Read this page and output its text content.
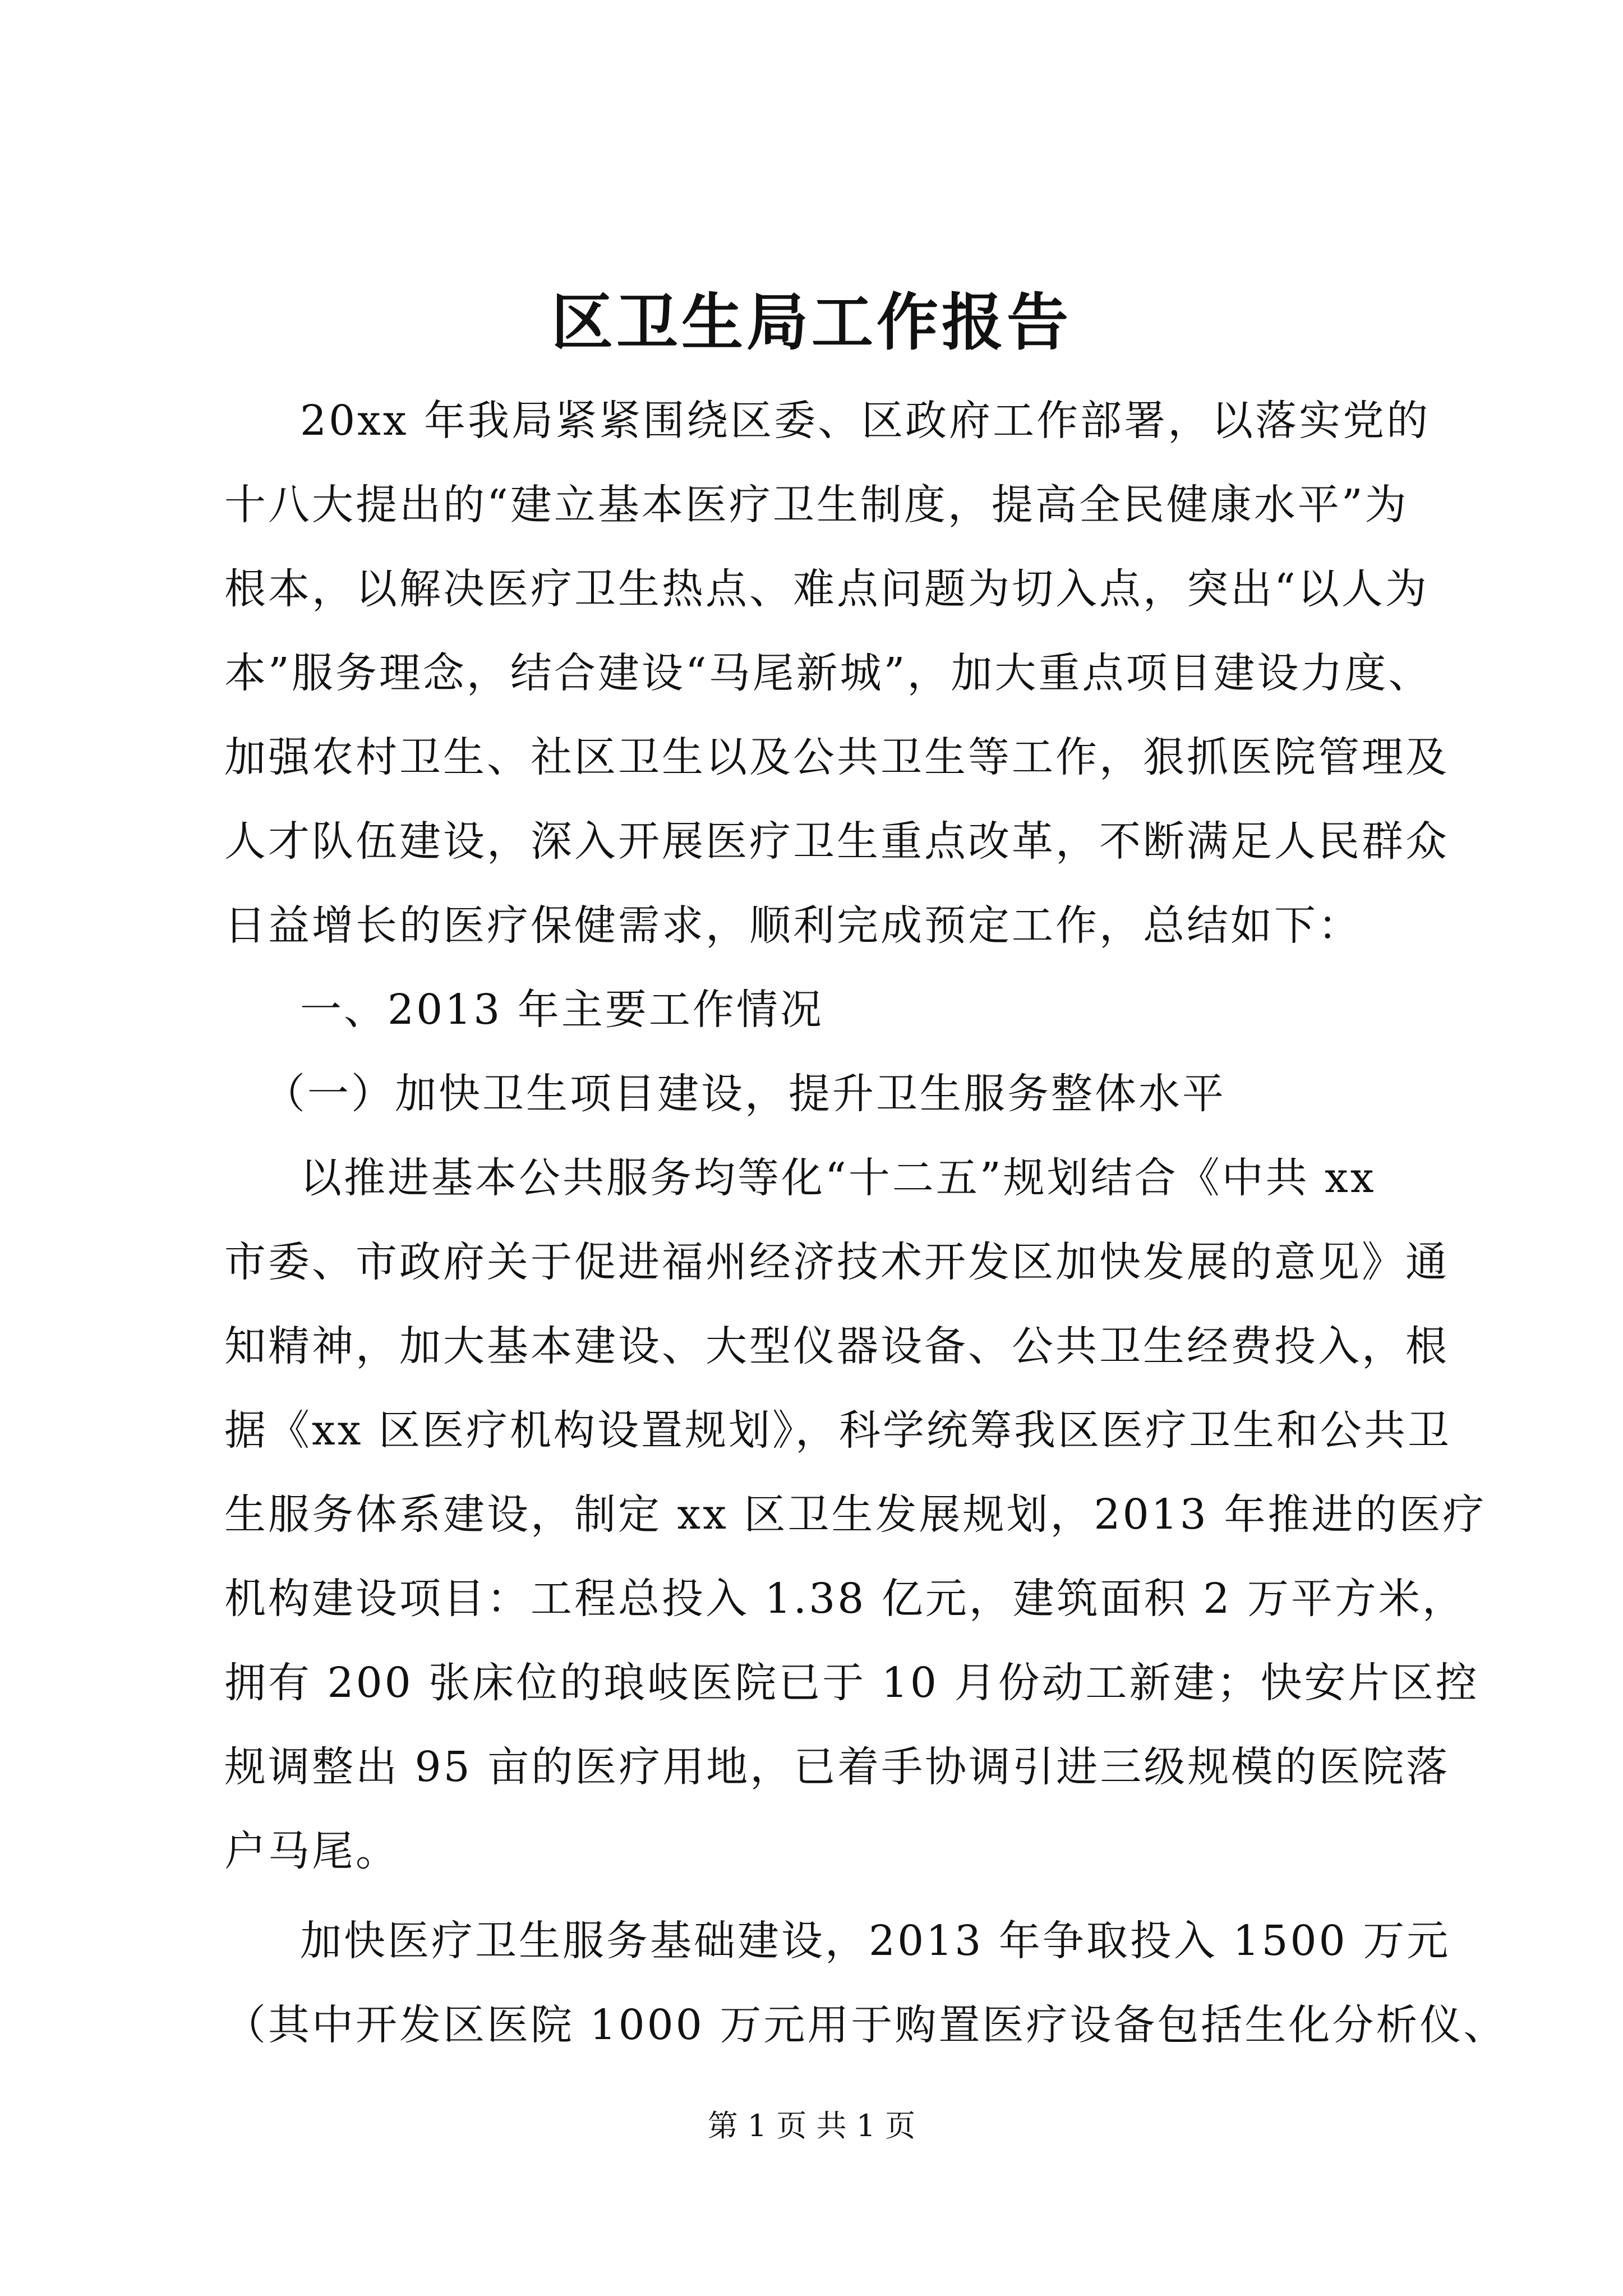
区卫生局工作报告
20xx 年我局紧紧围绕区委、区政府工作部署，以落实党的
十八大提出的“建立基本医疗卫生制度，提高全民健康水平”为
根本，以解决医疗卫生热点、难点问题为切入点，突出“以人为
本”服务理念，结合建设“马尾新城”，加大重点项目建设力度、
加强农村卫生、社区卫生以及公共卫生等工作，狠抓医院管理及
人才队伍建设，深入开展医疗卫生重点改革，不断满足人民群众
日益增长的医疗保健需求，顺利完成预定工作，总结如下：
一、2013 年主要工作情况
（一）加快卫生项目建设，提升卫生服务整体水平
以推进基本公共服务均等化“十二五”规划结合《中共 xx
市委、市政府关于促进福州经济技术开发区加快发展的意见》通
知精神，加大基本建设、大型仪器设备、公共卫生经费投入，根
据《xx 区医疗机构设置规划》，科学统筹我区医疗卫生和公共卫
生服务体系建设，制定 xx 区卫生发展规划，2013 年推进的医疗
机构建设项目：工程总投入 1.38 亿元，建筑面积 2 万平方米，
拥有 200 张床位的琅岐医院已于 10 月份动工新建；快安片区控
规调整出 95 亩的医疗用地，已着手协调引进三级规模的医院落
户马尾。
加快医疗卫生服务基础建设，2013 年争取投入 1500 万元
（其中开发区医院 1000 万元用于购置医疗设备包括生化分析仪、
第 1 页 共 1 页
